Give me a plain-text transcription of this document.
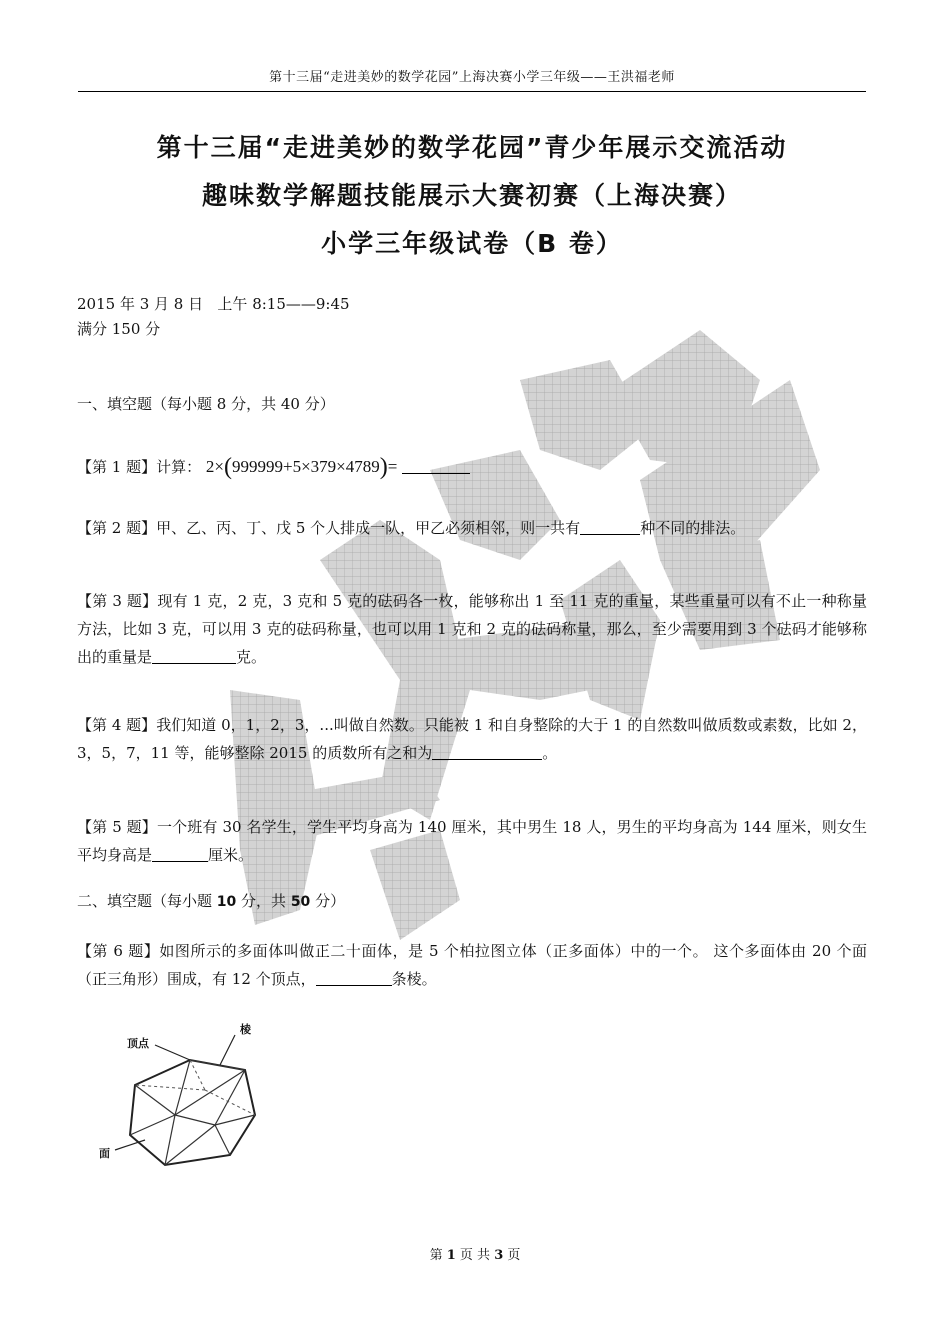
第十三届“走进美妙的数学花园”上海决赛小学三年级——王洪福老师
第十三届“走进美妙的数学花园”青少年展示交流活动
趣味数学解题技能展示大赛初赛（上海决赛）
小学三年级试卷（B 卷）
2015 年 3 月 8 日 上午 8:15——9:45
满分 150 分
一、填空题（每小题 8 分，共 40 分）
【第 1 题】计算： 2×(999999+5×379×4789)=
【第 2 题】甲、乙、丙、丁、戊 5 个人排成一队，甲乙必须相邻，则一共有	种不同的排法。
【第 3 题】现有 1 克，2 克，3 克和 5 克的砝码各一枚，能够称出 1 至 11 克的重量，某些重量可以有不止一种称量方法，比如 3 克，可以用 3 克的砝码称量，也可以用 1 克和 2 克的砝码称量，那么，至少需要用到 3 个砝码才能够称出的重量是	克。
【第 4 题】我们知道 0，1，2，3，...叫做自然数。只能被 1 和自身整除的大于 1 的自然数叫做质数或素数，比如 2，3，5，7，11 等，能够整除 2015 的质数所有之和为	。
【第 5 题】一个班有 30 名学生，学生平均身高为 140 厘米，其中男生 18 人，男生的平均身高为 144 厘米，则女生平均身高是	厘米。
二、填空题（每小题 10 分，共 50 分）
【第 6 题】如图所示的多面体叫做正二十面体，是 5 个柏拉图立体（正多面体）中的一个。 这个多面体由 20 个面（正三角形）围成，有 12 个顶点，	条棱。
顶点
棱
面
第 1 页 共 3 页
